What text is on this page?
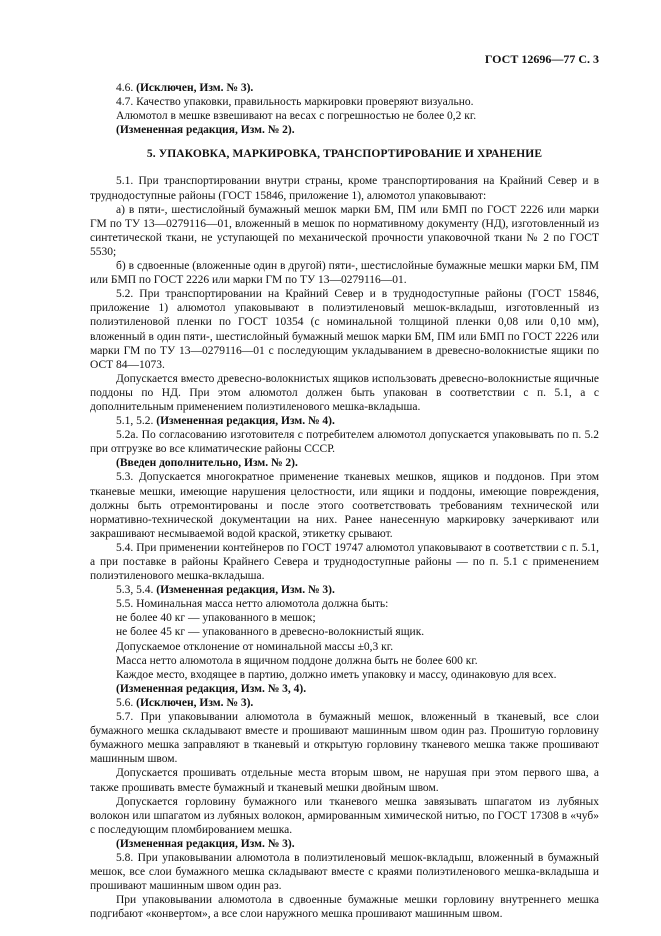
ГОСТ 12696—77 С. 3

4.6. (Исключен, Изм. № 3).

4.7. Качество упаковки, правильность маркировки проверяют визуально.

Алюмотол в мешке взвешивают на весах с погрешностью не более 0,2 кг.

(Измененная редакция, Изм. № 2).

5. УПАКОВКА, МАРКИРОВКА, ТРАНСПОРТИРОВАНИЕ И ХРАНЕНИЕ

5.1. При транспортировании внутри страны, кроме транспортирования на Крайний Север и в труднодоступные районы (ГОСТ 15846, приложение 1), алюмотол упаковывают:

а) в пяти-, шестислойный бумажный мешок марки БМ, ПМ или БМП по ГОСТ 2226 или марки ГМ по ТУ 13—0279116—01, вложенный в мешок по нормативному документу (НД), изготовленный из синтетической ткани, не уступающей по механической прочности упаковочной ткани № 2 по ГОСТ 5530;

б) в сдвоенные (вложенные один в другой) пяти-, шестислойные бумажные мешки марки БМ, ПМ или БМП по ГОСТ 2226 или марки ГМ по ТУ 13—0279116—01.

5.2. При транспортировании на Крайний Север и в труднодоступные районы (ГОСТ 15846, приложение 1) алюмотол упаковывают в полиэтиленовый мешок-вкладыш, изготовленный из полиэтиленовой пленки по ГОСТ 10354 (с номинальной толщиной пленки 0,08 или 0,10 мм), вложенный в один пяти-, шестислойный бумажный мешок марки БМ, ПМ или БМП по ГОСТ 2226 или марки ГМ по ТУ 13—0279116—01 с последующим укладыванием в древесно-волокнистые ящики по ОСТ 84—1073.

Допускается вместо древесно-волокнистых ящиков использовать древесно-волокнистые ящичные поддоны по НД. При этом алюмотол должен быть упакован в соответствии с п. 5.1, а с дополнительным применением полиэтиленового мешка-вкладыша.

5.1, 5.2. (Измененная редакция, Изм. № 4).

5.2а. По согласованию изготовителя с потребителем алюмотол допускается упаковывать по п. 5.2 при отгрузке во все климатические районы СССР.

(Введен дополнительно, Изм. № 2).

5.3. Допускается многократное применение тканевых мешков, ящиков и поддонов. При этом тканевые мешки, имеющие нарушения целостности, или ящики и поддоны, имеющие повреждения, должны быть отремонтированы и после этого соответствовать требованиям технической или нормативно-технической документации на них. Ранее нанесенную маркировку зачеркивают или закрашивают несмываемой водой краской, этикетку срывают.

5.4. При применении контейнеров по ГОСТ 19747 алюмотол упаковывают в соответствии с п. 5.1, а при поставке в районы Крайнего Севера и труднодоступные районы — по п. 5.1 с применением полиэтиленового мешка-вкладыша.

5.3, 5.4. (Измененная редакция, Изм. № 3).

5.5. Номинальная масса нетто алюмотола должна быть:

не более 40 кг — упакованного в мешок;

не более 45 кг — упакованного в древесно-волокнистый ящик.

Допускаемое отклонение от номинальной массы ±0,3 кг.

Масса нетто алюмотола в ящичном поддоне должна быть не более 600 кг.

Каждое место, входящее в партию, должно иметь упаковку и массу, одинаковую для всех.

(Измененная редакция, Изм. № 3, 4).

5.6. (Исключен, Изм. № 3).

5.7. При упаковывании алюмотола в бумажный мешок, вложенный в тканевый, все слои бумажного мешка складывают вместе и прошивают машинным швом один раз. Прошитую горловину бумажного мешка заправляют в тканевый и открытую горловину тканевого мешка также прошивают машинным швом.

Допускается прошивать отдельные места вторым швом, не нарушая при этом первого шва, а также прошивать вместе бумажный и тканевый мешки двойным швом.

Допускается горловину бумажного или тканевого мешка завязывать шпагатом из лубяных волокон или шпагатом из лубяных волокон, армированным химической нитью, по ГОСТ 17308 в «чуб» с последующим пломбированием мешка.

(Измененная редакция, Изм. № 3).

5.8. При упаковывании алюмотола в полиэтиленовый мешок-вкладыш, вложенный в бумажный мешок, все слои бумажного мешка складывают вместе с краями полиэтиленового мешка-вкладыша и прошивают машинным швом один раз.

При упаковывании алюмотола в сдвоенные бумажные мешки горловину внутреннего мешка подгибают «конвертом», а все слои наружного мешка прошивают машинным швом.
